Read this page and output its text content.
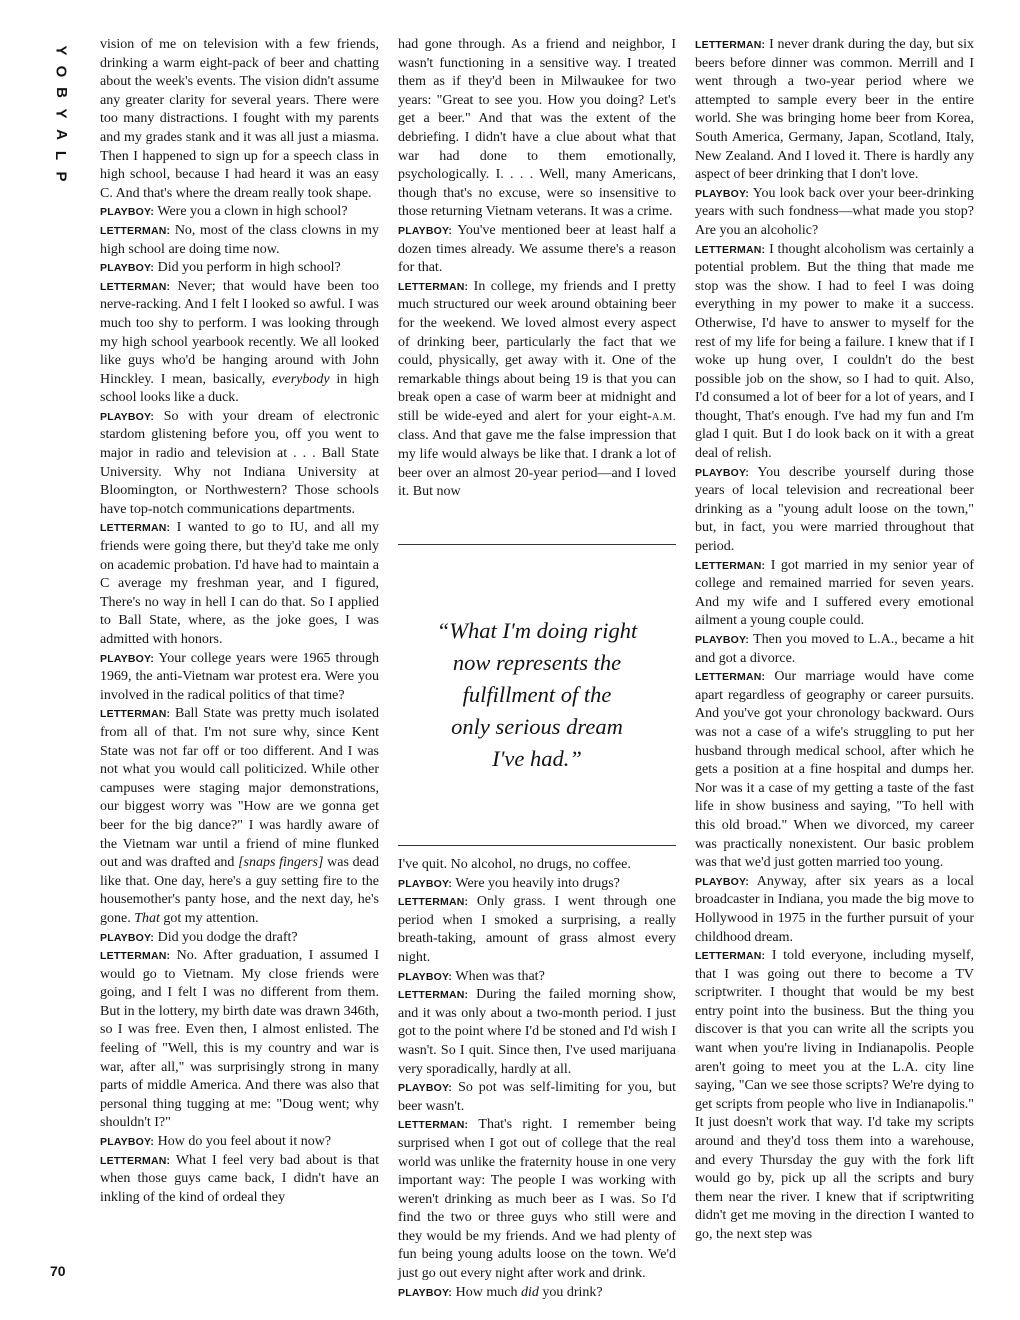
Y
O
B
Y
A
L
P
70

vision of me on television with a few friends, drinking a warm eight-pack of beer and chatting about the week's events. The vision didn't assume any greater clarity for several years. There were too many distractions. I fought with my parents and my grades stank and it was all just a miasma. Then I happened to sign up for a speech class in high school, because I had heard it was an easy C. And that's where the dream really took shape.

PLAYBOY: Were you a clown in high school?

LETTERMAN: No, most of the class clowns in my high school are doing time now.

PLAYBOY: Did you perform in high school?

LETTERMAN: Never; that would have been too nerve-racking. And I felt I looked so awful. I was much too shy to perform. I was looking through my high school yearbook recently. We all looked like guys who'd be hanging around with John Hinckley. I mean, basically, everybody in high school looks like a duck.

PLAYBOY: So with your dream of electronic stardom glistening before you, off you went to major in radio and television at . . . Ball State University. Why not Indiana University at Bloomington, or Northwestern? Those schools have top-notch communications departments.

LETTERMAN: I wanted to go to IU, and all my friends were going there, but they'd take me only on academic probation. I'd have had to maintain a C average my freshman year, and I figured, There's no way in hell I can do that. So I applied to Ball State, where, as the joke goes, I was admitted with honors.

PLAYBOY: Your college years were 1965 through 1969, the anti-Vietnam war protest era. Were you involved in the radical politics of that time?

LETTERMAN: Ball State was pretty much isolated from all of that. I'm not sure why, since Kent State was not far off or too different. And I was not what you would call politicized. While other campuses were staging major demonstrations, our biggest worry was "How are we gonna get beer for the big dance?" I was hardly aware of the Vietnam war until a friend of mine flunked out and was drafted and [snaps fingers] was dead like that. One day, here's a guy setting fire to the housemother's panty hose, and the next day, he's gone. That got my attention.

PLAYBOY: Did you dodge the draft?

LETTERMAN: No. After graduation, I assumed I would go to Vietnam. My close friends were going, and I felt I was no different from them. But in the lottery, my birth date was drawn 346th, so I was free. Even then, I almost enlisted. The feeling of "Well, this is my country and war is war, after all," was surprisingly strong in many parts of middle America. And there was also that personal thing tugging at me: "Doug went; why shouldn't I?"

PLAYBOY: How do you feel about it now?

LETTERMAN: What I feel very bad about is that when those guys came back, I didn't have an inkling of the kind of ordeal they

had gone through. As a friend and neighbor, I wasn't functioning in a sensitive way. I treated them as if they'd been in Milwaukee for two years: "Great to see you. How you doing? Let's get a beer." And that was the extent of the debriefing. I didn't have a clue about what that war had done to them emotionally, psychologically. I. . . . Well, many Americans, though that's no excuse, were so insensitive to those returning Vietnam veterans. It was a crime.

PLAYBOY: You've mentioned beer at least half a dozen times already. We assume there's a reason for that.

LETTERMAN: In college, my friends and I pretty much structured our week around obtaining beer for the weekend. We loved almost every aspect of drinking beer, particularly the fact that we could, physically, get away with it. One of the remarkable things about being 19 is that you can break open a case of warm beer at midnight and still be wide-eyed and alert for your eight-A.M. class. And that gave me the false impression that my life would always be like that. I drank a lot of beer over an almost 20-year period—and I loved it. But now

“What I'm doing right
now represents the
fulfillment of the
only serious dream
I've had.”

I've quit. No alcohol, no drugs, no coffee.

PLAYBOY: Were you heavily into drugs?

LETTERMAN: Only grass. I went through one period when I smoked a surprising, a really breath-taking, amount of grass almost every night.

PLAYBOY: When was that?

LETTERMAN: During the failed morning show, and it was only about a two-month period. I just got to the point where I'd be stoned and I'd wish I wasn't. So I quit. Since then, I've used marijuana very sporadically, hardly at all.

PLAYBOY: So pot was self-limiting for you, but beer wasn't.

LETTERMAN: That's right. I remember being surprised when I got out of college that the real world was unlike the fraternity house in one very important way: The people I was working with weren't drinking as much beer as I was. So I'd find the two or three guys who still were and they would be my friends. And we had plenty of fun being young adults loose on the town. We'd just go out every night after work and drink.

PLAYBOY: How much did you drink?

LETTERMAN: I never drank during the day, but six beers before dinner was common. Merrill and I went through a two-year period where we attempted to sample every beer in the entire world. She was bringing home beer from Korea, South America, Germany, Japan, Scotland, Italy, New Zealand. And I loved it. There is hardly any aspect of beer drinking that I don't love.

PLAYBOY: You look back over your beer-drinking years with such fondness—what made you stop? Are you an alcoholic?

LETTERMAN: I thought alcoholism was certainly a potential problem. But the thing that made me stop was the show. I had to feel I was doing everything in my power to make it a success. Otherwise, I'd have to answer to myself for the rest of my life for being a failure. I knew that if I woke up hung over, I couldn't do the best possible job on the show, so I had to quit. Also, I'd consumed a lot of beer for a lot of years, and I thought, That's enough. I've had my fun and I'm glad I quit. But I do look back on it with a great deal of relish.

PLAYBOY: You describe yourself during those years of local television and recreational beer drinking as a "young adult loose on the town," but, in fact, you were married throughout that period.

LETTERMAN: I got married in my senior year of college and remained married for seven years. And my wife and I suffered every emotional ailment a young couple could.

PLAYBOY: Then you moved to L.A., became a hit and got a divorce.

LETTERMAN: Our marriage would have come apart regardless of geography or career pursuits. And you've got your chronology backward. Ours was not a case of a wife's struggling to put her husband through medical school, after which he gets a position at a fine hospital and dumps her. Nor was it a case of my getting a taste of the fast life in show business and saying, "To hell with this old broad." When we divorced, my career was practically nonexistent. Our basic problem was that we'd just gotten married too young.

PLAYBOY: Anyway, after six years as a local broadcaster in Indiana, you made the big move to Hollywood in 1975 in the further pursuit of your childhood dream.

LETTERMAN: I told everyone, including myself, that I was going out there to become a TV scriptwriter. I thought that would be my best entry point into the business. But the thing you discover is that you can write all the scripts you want when you're living in Indianapolis. People aren't going to meet you at the L.A. city line saying, "Can we see those scripts? We're dying to get scripts from people who live in Indianapolis." It just doesn't work that way. I'd take my scripts around and they'd toss them into a warehouse, and every Thursday the guy with the fork lift would go by, pick up all the scripts and bury them near the river. I knew that if scriptwriting didn't get me moving in the direction I wanted to go, the next step was
